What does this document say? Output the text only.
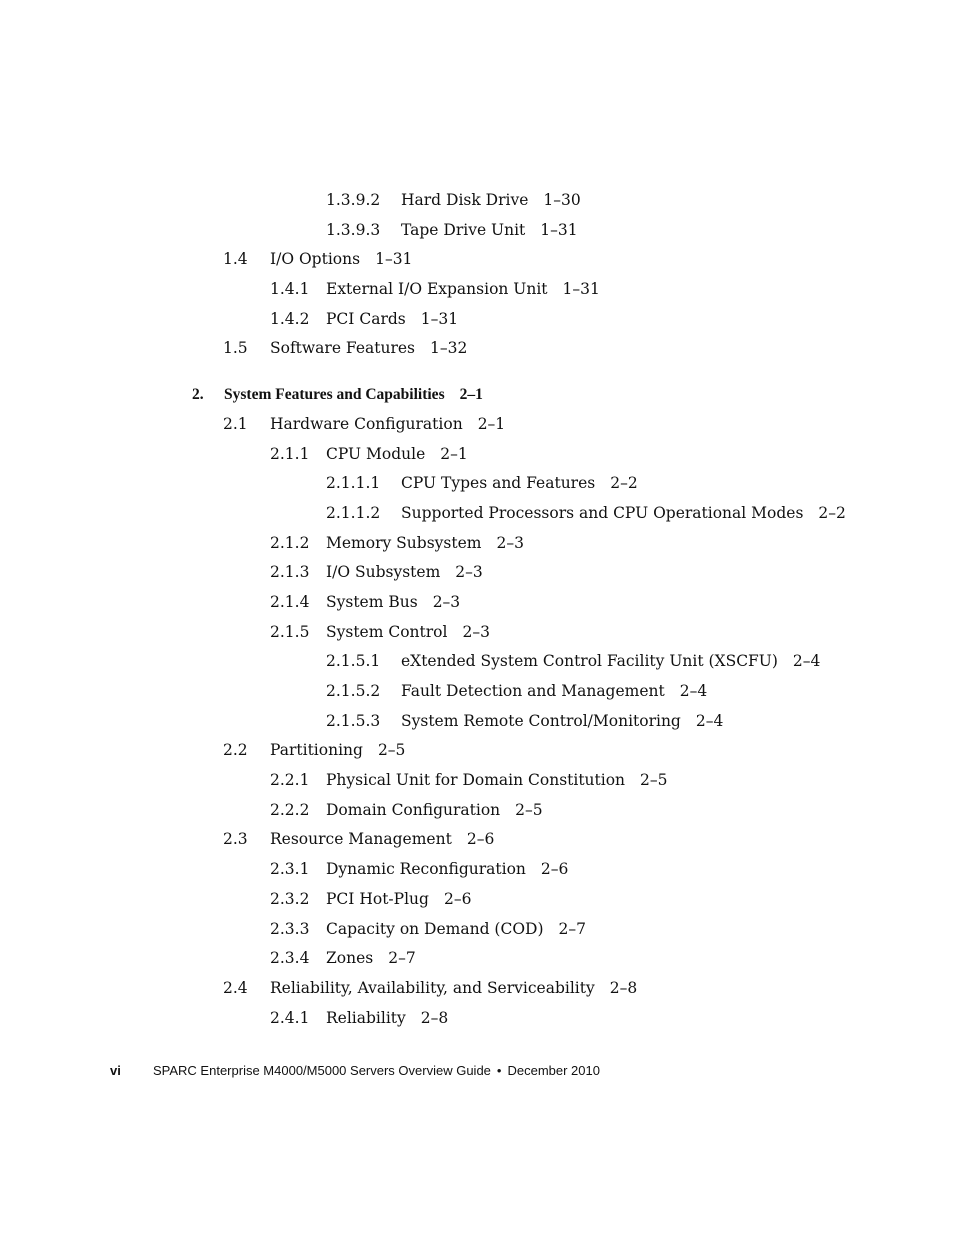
1.3.9.2 Hard Disk Drive 1–30
1.3.9.3 Tape Drive Unit 1–31
1.4 I/O Options 1–31
1.4.1 External I/O Expansion Unit 1–31
1.4.2 PCI Cards 1–31
1.5 Software Features 1–32
2. System Features and Capabilities 2–1
2.1 Hardware Configuration 2–1
2.1.1 CPU Module 2–1
2.1.1.1 CPU Types and Features 2–2
2.1.1.2 Supported Processors and CPU Operational Modes 2–2
2.1.2 Memory Subsystem 2–3
2.1.3 I/O Subsystem 2–3
2.1.4 System Bus 2–3
2.1.5 System Control 2–3
2.1.5.1 eXtended System Control Facility Unit (XSCFU) 2–4
2.1.5.2 Fault Detection and Management 2–4
2.1.5.3 System Remote Control/Monitoring 2–4
2.2 Partitioning 2–5
2.2.1 Physical Unit for Domain Constitution 2–5
2.2.2 Domain Configuration 2–5
2.3 Resource Management 2–6
2.3.1 Dynamic Reconfiguration 2–6
2.3.2 PCI Hot-Plug 2–6
2.3.3 Capacity on Demand (COD) 2–7
2.3.4 Zones 2–7
2.4 Reliability, Availability, and Serviceability 2–8
2.4.1 Reliability 2–8
vi SPARC Enterprise M4000/M5000 Servers Overview Guide • December 2010
